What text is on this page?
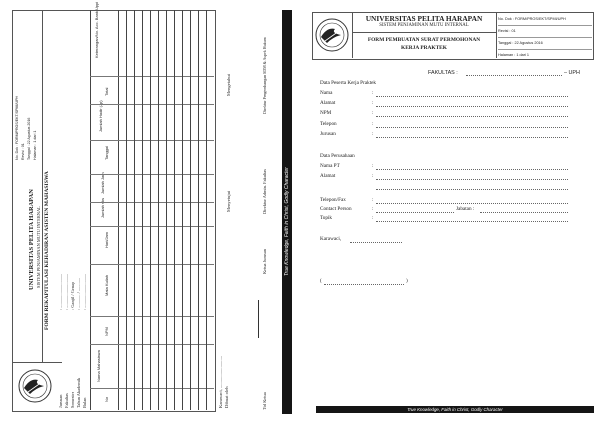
No. Dok : FORM/PROS/EKT/SPMI/UPH
Revisi : 01
Tanggal : 22 Agustus 2016
Halaman : 1 dari 1
UNIVERSITAS PELITA HARAPAN SISTEM PENJAMINAN MUTU INTERNAL FORM REKAPITULASI KEHADIRAN ASISTEN MAHASISWA
Jurusan Fakultas Semester Tahun Akademik Bulan
: ...............................
: ...............................
: Ganjil / Genap
: ............ / ............
: ...............................
No
Nama Mahasiswa
NPM
Mata Kuliah
Hari/Jam
Jumlah sks
Jumlah Jam
Tanggal
Jumlah Hadir (Jp)
Total
Keterangan/No. Acc. Bank Uppi
Karawaci, ............................
Dibuat oleh
Menyetujui
Mengetahui
Ttd Ketua
Ketua Jurusan
Direktur Admin. Fakultas
Direktur Pengembangan SDM & Aspek Hukum
True Knowledge, Faith in Christ, Godly Character
UNIVERSITAS PELITA HARAPAN
SISTEM PENJAMINAN MUTU INTERNAL
FORM PEMBUATAN SURAT PERMOHONAN
KERJA PRAKTEK
No. Dok : FORM/PROS/EKT/SPMI/UPH
Revisi : 01
Tanggal : 22 Agustus 2016
Halaman : 1 dari 1
FAKULTAS :	– UPH
Data Peserta Kerja Praktek
Nama
Alamat
NPM
Telepon
Jurusan
:
:
:
:
:
Data Perusahaan
Nama PT
Alamat
:
:
Telepon/Fax
Contact Person
Topik
:
:
:
Jabatan :
Karawaci,
(	)
True Knowledge, Faith in Christ, Godly Character
